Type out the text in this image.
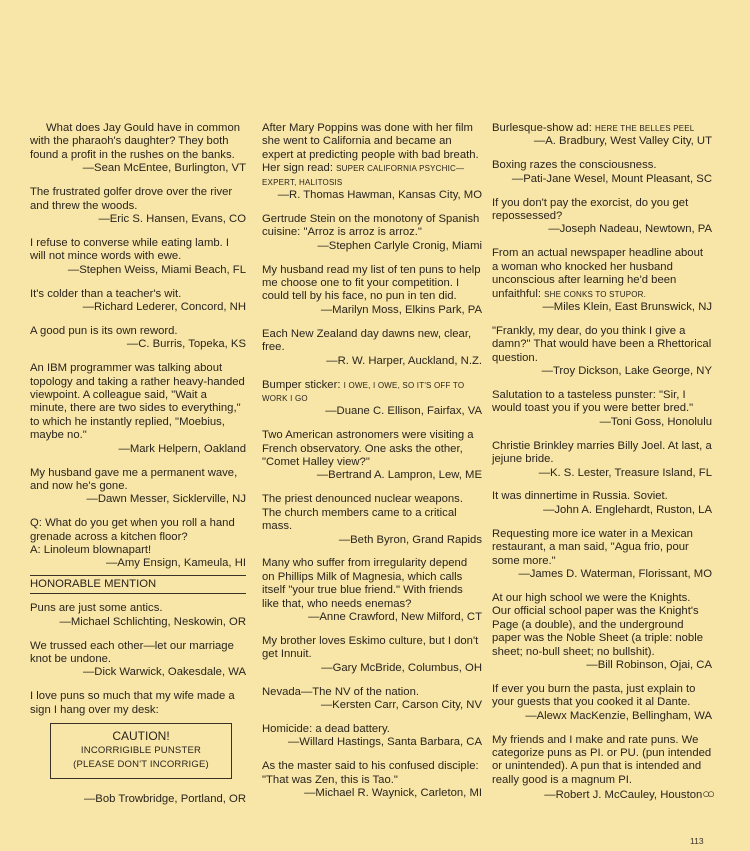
What does Jay Gould have in common with the pharaoh's daughter? They both found a profit in the rushes on the banks.

—Sean McEntee, Burlington, VT

The frustrated golfer drove over the river and threw the woods.

—Eric S. Hansen, Evans, CO

I refuse to converse while eating lamb. I will not mince words with ewe.

—Stephen Weiss, Miami Beach, FL

It's colder than a teacher's wit.

—Richard Lederer, Concord, NH

A good pun is its own reword.

—C. Burris, Topeka, KS

An IBM programmer was talking about topology and taking a rather heavy-handed viewpoint. A colleague said, "Wait a minute, there are two sides to everything," to which he instantly replied, "Moebius, maybe no."

—Mark Helpern, Oakland

My husband gave me a permanent wave, and now he's gone.

—Dawn Messer, Sicklerville, NJ

Q: What do you get when you roll a hand grenade across a kitchen floor?

A: Linoleum blownapart!

—Amy Ensign, Kameula, HI

HONORABLE MENTION

Puns are just some antics.

—Michael Schlichting, Neskowin, OR

We trussed each other—let our marriage knot be undone.

—Dick Warwick, Oakesdale, WA

I love puns so much that my wife made a sign I hang over my desk:

CAUTION!
INCORRIGIBLE PUNSTER
(PLEASE DON'T INCORRIGE)

—Bob Trowbridge, Portland, OR

After Mary Poppins was done with her film she went to California and became an expert at predicting people with bad breath. Her sign read: SUPER CALIFORNIA PSYCHIC—EXPERT, HALITOSIS

—R. Thomas Hawman, Kansas City, MO

Gertrude Stein on the monotony of Spanish cuisine: "Arroz is arroz is arroz."

—Stephen Carlyle Cronig, Miami

My husband read my list of ten puns to help me choose one to fit your competition. I could tell by his face, no pun in ten did.

—Marilyn Moss, Elkins Park, PA

Each New Zealand day dawns new, clear, free.

—R. W. Harper, Auckland, N.Z.

Bumper sticker: I OWE, I OWE, SO IT'S OFF TO WORK I GO

—Duane C. Ellison, Fairfax, VA

Two American astronomers were visiting a French observatory. One asks the other, "Comet Halley view?"

—Bertrand A. Lampron, Lew, ME

The priest denounced nuclear weapons. The church members came to a critical mass.

—Beth Byron, Grand Rapids

Many who suffer from irregularity depend on Phillips Milk of Magnesia, which calls itself "your true blue friend." With friends like that, who needs enemas?

—Anne Crawford, New Milford, CT

My brother loves Eskimo culture, but I don't get Innuit.

—Gary McBride, Columbus, OH

Nevada—The NV of the nation.

—Kersten Carr, Carson City, NV

Homicide: a dead battery.

—Willard Hastings, Santa Barbara, CA

As the master said to his confused disciple: "That was Zen, this is Tao."

—Michael R. Waynick, Carleton, MI

Burlesque-show ad: HERE THE BELLES PEEL

—A. Bradbury, West Valley City, UT

Boxing razes the consciousness.

—Pati-Jane Wesel, Mount Pleasant, SC

If you don't pay the exorcist, do you get repossessed?

—Joseph Nadeau, Newtown, PA

From an actual newspaper headline about a woman who knocked her husband unconscious after learning he'd been unfaithful: SHE CONKS TO STUPOR.

—Miles Klein, East Brunswick, NJ

"Frankly, my dear, do you think I give a damn?" That would have been a Rhettorical question.

—Troy Dickson, Lake George, NY

Salutation to a tasteless punster: "Sir, I would toast you if you were better bred."

—Toni Goss, Honolulu

Christie Brinkley marries Billy Joel. At last, a jejune bride.

—K. S. Lester, Treasure Island, FL

It was dinnertime in Russia. Soviet.

—John A. Englehardt, Ruston, LA

Requesting more ice water in a Mexican restaurant, a man said, "Agua frio, pour some more."

—James D. Waterman, Florissant, MO

At our high school we were the Knights. Our official school paper was the Knight's Page (a double), and the underground paper was the Noble Sheet (a triple: noble sheet; no-bull sheet; no bullshit).

—Bill Robinson, Ojai, CA

If ever you burn the pasta, just explain to your guests that you cooked it al Dante.

—Alewx MacKenzie, Bellingham, WA

My friends and I make and rate puns. We categorize puns as PI. or PU. (pun intended or unintended). A pun that is intended and really good is a magnum PI.

—Robert J. McCauley, Houston○○

113
